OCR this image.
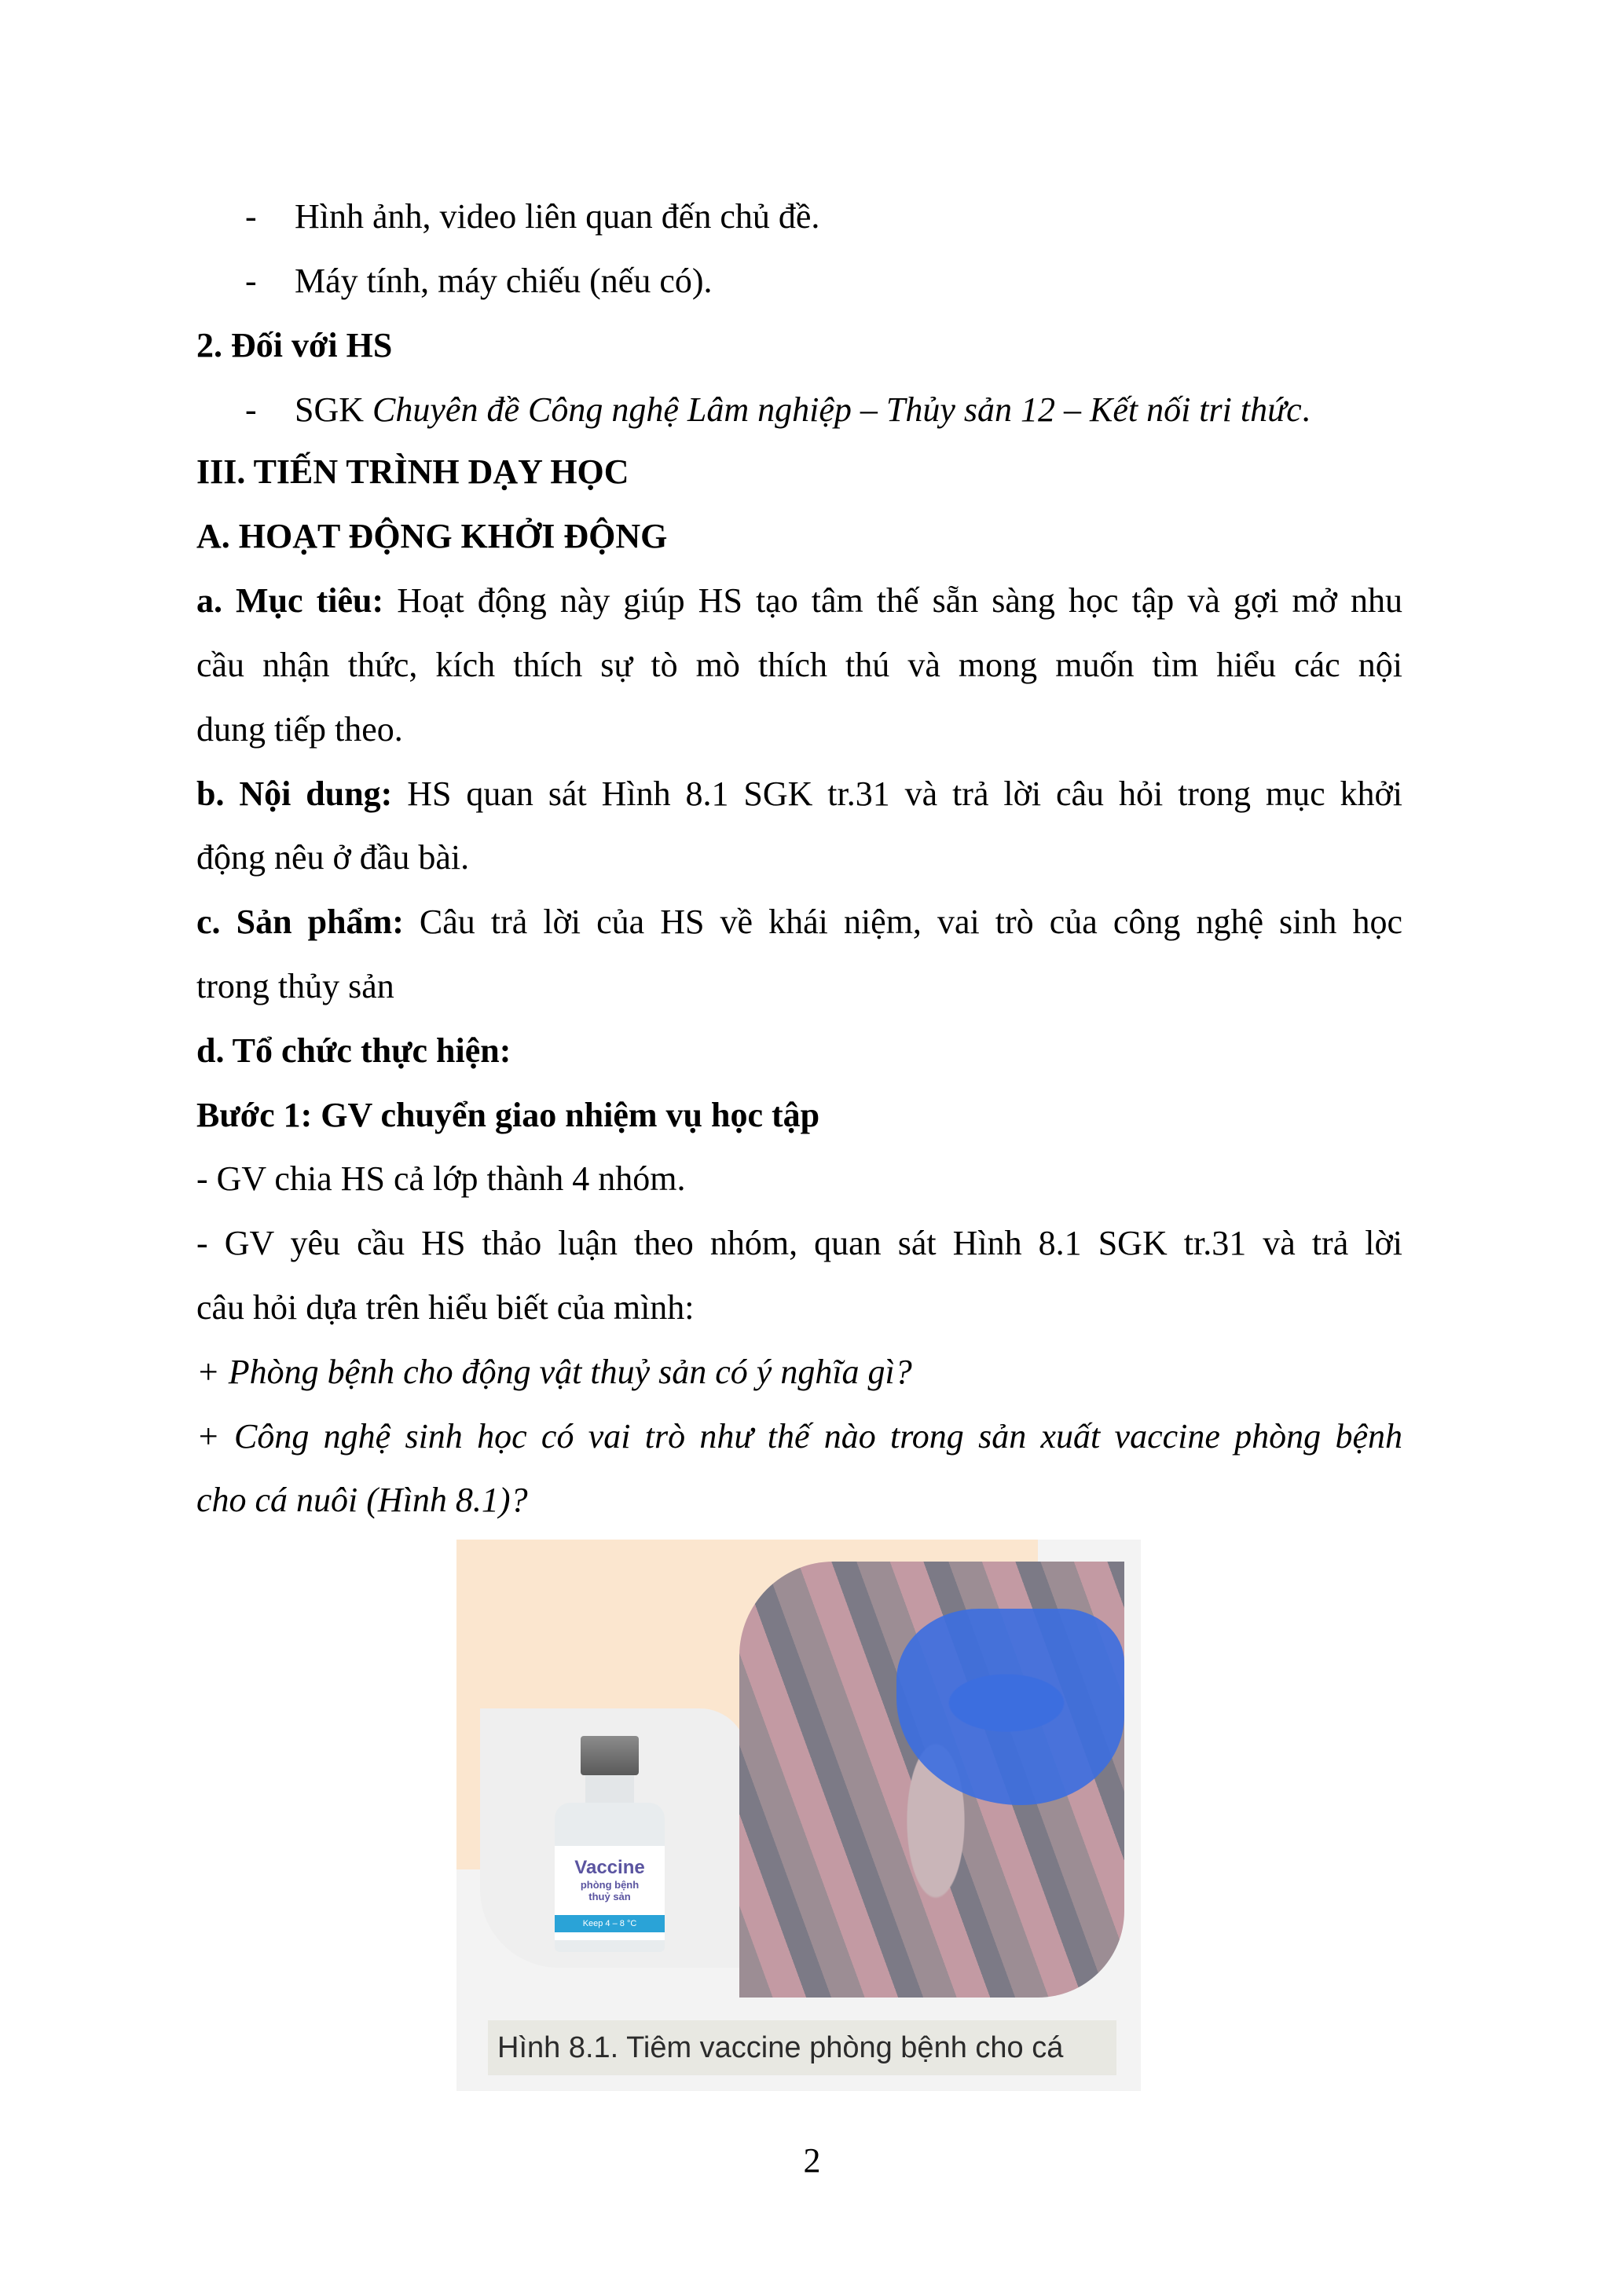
- Hình ảnh, video liên quan đến chủ đề.
- Máy tính, máy chiếu (nếu có).
2. Đối với HS
- SGK Chuyên đề Công nghệ Lâm nghiệp – Thủy sản 12 – Kết nối tri thức.
III. TIẾN TRÌNH DẠY HỌC
A. HOẠT ĐỘNG KHỞI ĐỘNG
a. Mục tiêu: Hoạt động này giúp HS tạo tâm thế sẵn sàng học tập và gợi mở nhu
cầu nhận thức, kích thích sự tò mò thích thú và mong muốn tìm hiểu các nội
dung tiếp theo.
b. Nội dung: HS quan sát Hình 8.1 SGK tr.31 và trả lời câu hỏi trong mục khởi
động nêu ở đầu bài.
c. Sản phẩm: Câu trả lời của HS về khái niệm, vai trò của công nghệ sinh học
trong thủy sản
d. Tổ chức thực hiện:
Bước 1: GV chuyển giao nhiệm vụ học tập
- GV chia HS cả lớp thành 4 nhóm.
- GV yêu cầu HS thảo luận theo nhóm, quan sát Hình 8.1 SGK tr.31 và trả lời
câu hỏi dựa trên hiểu biết của mình:
+ Phòng bệnh cho động vật thuỷ sản có ý nghĩa gì?
+ Công nghệ sinh học có vai trò như thế nào trong sản xuất vaccine phòng bệnh
cho cá nuôi (Hình 8.1)?
Vaccine
phòng bệnh
thuỷ sản
Keep 4 – 8 °C
Hình 8.1. Tiêm vaccine phòng bệnh cho cá
2
